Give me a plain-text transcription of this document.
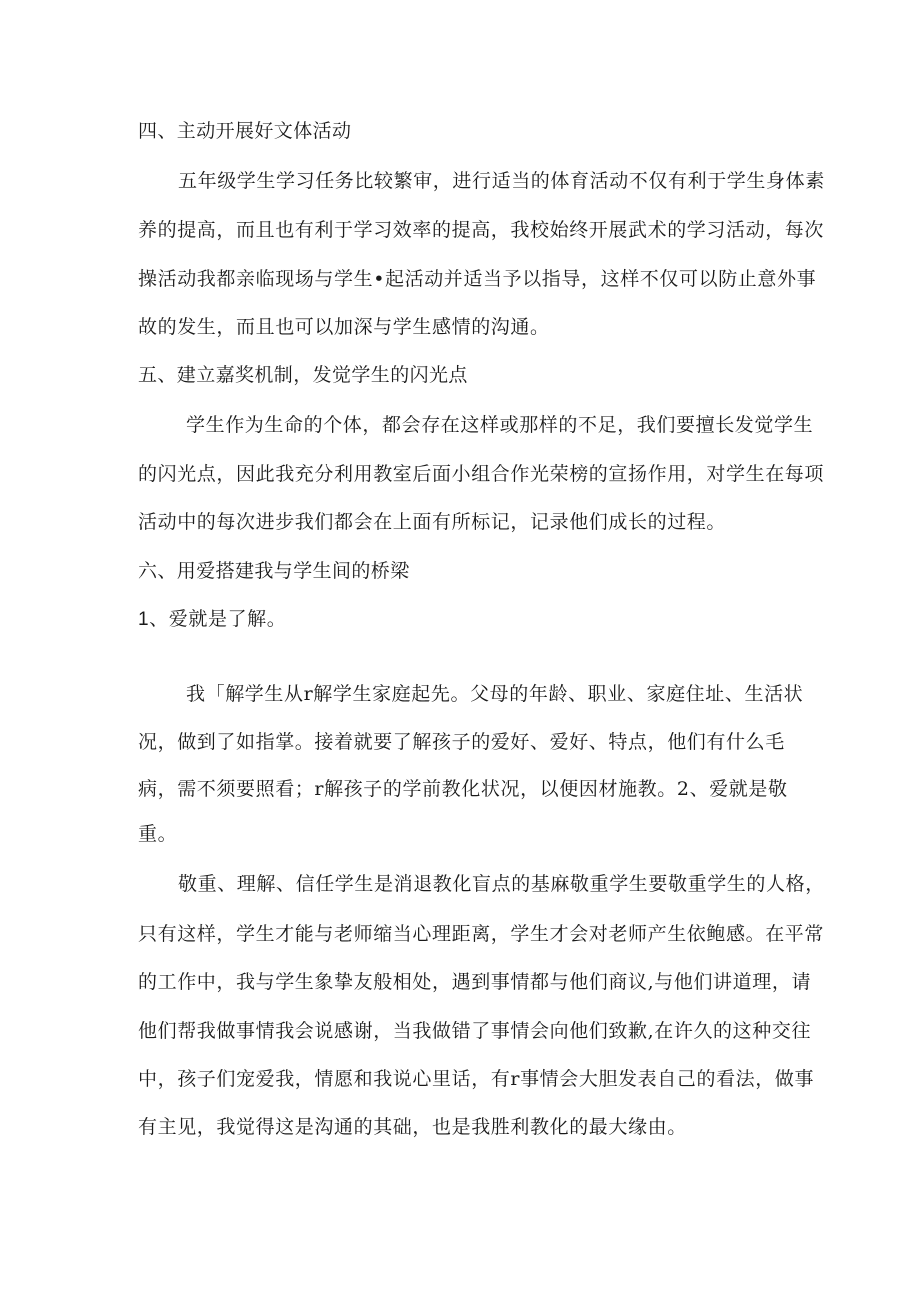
四、主动开展好文体活动
五年级学生学习任务比较繁审，进行适当的体育活动不仅有利于学生身体素
养的提高，而且也有利于学习效率的提高，我校始终开展武术的学习活动，每次
操活动我都亲临现场与学生•起活动并适当予以指导，这样不仅可以防止意外事
故的发生，而且也可以加深与学生感情的沟通。
五、建立嘉奖机制，发觉学生的闪光点
学生作为生命的个体，都会存在这样或那样的不足，我们要擅长发觉学生
的闪光点，因此我充分利用教室后面小组合作光荣榜的宣扬作用，对学生在每项
活动中的每次进步我们都会在上面有所标记，记录他们成长的过程。
六、用爱搭建我与学生间的桥梁
1、爱就是了解。
我「解学生从r解学生家庭起先。父母的年龄、职业、家庭住址、生活状
况，做到了如指掌。接着就要了解孩子的爱好、爱好、特点，他们有什么毛
病，需不须要照看；r解孩子的学前教化状况，以便因材施教。2、爱就是敬
重。
敬重、理解、信任学生是消退教化盲点的基麻敬重学生要敬重学生的人格，
只有这样，学生才能与老师缩当心理距离，学生才会对老师产生依鲍感。在平常
的工作中，我与学生象挚友般相处，遇到事情都与他们商议,与他们讲道理，请
他们帮我做事情我会说感谢，当我做错了事情会向他们致歉,在许久的这种交往
中，孩子们宠爱我，情愿和我说心里话，有r事情会大胆发表自己的看法，做事
有主见，我觉得这是沟通的其础，也是我胜利教化的最大缘由。
